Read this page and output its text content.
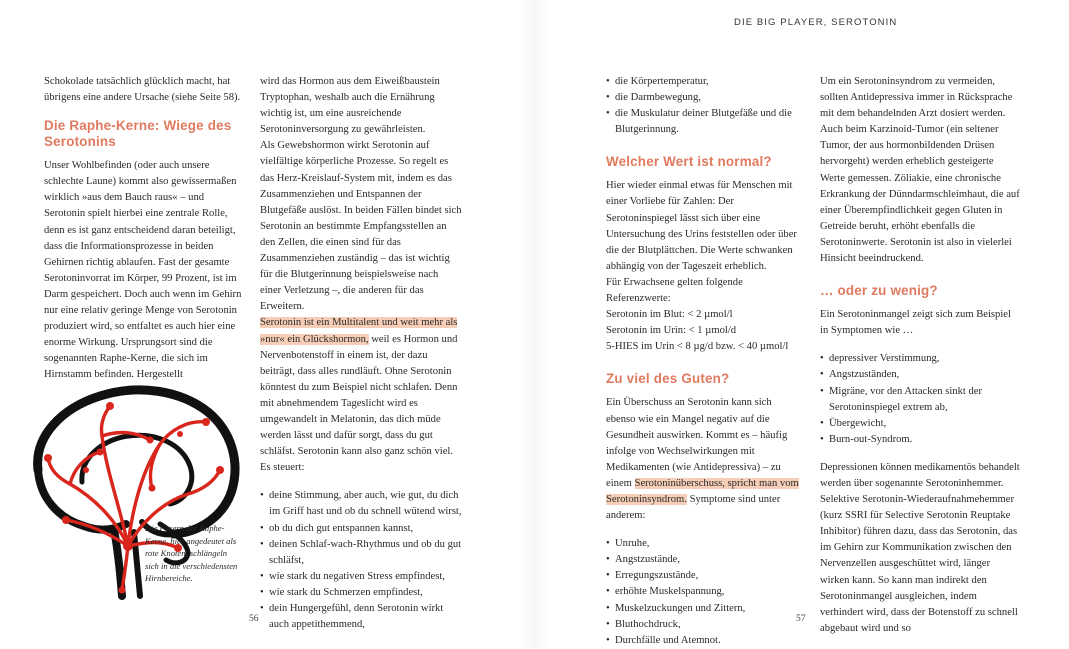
DIE BIG PLAYER, SEROTONIN

Schokolade tatsächlich glücklich macht, hat übrigens eine andere Ursache (siehe Seite 58).

Die Raphe-Kerne: Wiege des Serotonins

Unser Wohlbefinden (oder auch unsere schlechte Laune) kommt also gewissermaßen wirklich »aus dem Bauch raus« – und Serotonin spielt hierbei eine zentrale Rolle, denn es ist ganz entscheidend daran beteiligt, dass die Informationsprozesse in beiden Gehirnen richtig ablaufen. Fast der gesamte Serotoninvorrat im Körper, 99 Prozent, ist im Darm gespeichert. Doch auch wenn im Gehirn nur eine relativ geringe Menge von Serotonin produziert wird, so entfaltet es auch hier eine enorme Wirkung. Ursprungsort sind die sogenannten Raphe-Kerne, die sich im Hirnstamm befinden. Hergestellt

Die Fasern der Raphe-Kerne, hier angedeutet als rote Knoten, schlängeln sich in die verschiedensten Hirnbereiche.

wird das Hormon aus dem Eiweißbaustein Tryptophan, weshalb auch die Ernährung wichtig ist, um eine ausreichende Serotoninversorgung zu gewährleisten.

Als Gewebshormon wirkt Serotonin auf vielfältige körperliche Prozesse. So regelt es das Herz-Kreislauf-System mit, indem es das Zusammenziehen und Entspannen der Blutgefäße auslöst. In beiden Fällen bindet sich Serotonin an bestimmte Empfangsstellen an den Zellen, die einen sind für das Zusammenziehen zuständig – das ist wichtig für die Blutgerinnung beispielsweise nach einer Verletzung –, die anderen für das Erweitern.

Serotonin ist ein Multitalent und weit mehr als »nur« ein Glückshormon, weil es Hormon und Nervenbotenstoff in einem ist, der dazu beiträgt, dass alles rundläuft. Ohne Serotonin könntest du zum Beispiel nicht schlafen. Denn mit abnehmendem Tageslicht wird es umgewandelt in Melatonin, das dich müde werden lässt und dafür sorgt, dass du gut schläfst. Serotonin kann also ganz schön viel. Es steuert:

• deine Stimmung, aber auch, wie gut, du dich im Griff hast und ob du schnell wütend wirst,
• ob du dich gut entspannen kannst,
• deinen Schlaf-wach-Rhythmus und ob du gut schläfst,
• wie stark du negativen Stress empfindest,
• wie stark du Schmerzen empfindest,
• dein Hungergefühl, denn Serotonin wirkt auch appetithemmend,
• die Körpertemperatur,
• die Darmbewegung,
• die Muskulatur deiner Blutgefäße und die Blutgerinnung.
Welcher Wert ist normal?

Hier wieder einmal etwas für Menschen mit einer Vorliebe für Zahlen: Der Serotoninspiegel lässt sich über eine Untersuchung des Urins feststellen oder über die der Blutplättchen. Die Werte schwanken abhängig von der Tageszeit erheblich.

Für Erwachsene gelten folgende Referenzwerte:

Serotonin im Blut: < 2 µmol/l

Serotonin im Urin: < 1 µmol/d

5-HIES im Urin < 8 µg/d bzw. < 40 µmol/l

Zu viel des Guten?

Ein Überschuss an Serotonin kann sich ebenso wie ein Mangel negativ auf die Gesundheit auswirken. Kommt es – häufig infolge von Wechselwirkungen mit Medikamenten (wie Antidepressiva) – zu einem Serotoninüberschuss, spricht man vom Serotoninsyndrom. Symptome sind unter anderem:

• Unruhe,
• Angstzustände,
• Erregungszustände,
• erhöhte Muskelspannung,
• Muskelzuckungen und Zittern,
• Bluthochdruck,
• Durchfälle und Atemnot.

Um ein Serotoninsyndrom zu vermeiden, sollten Antidepressiva immer in Rücksprache mit dem behandelnden Arzt dosiert werden. Auch beim Karzinoid-Tumor (ein seltener Tumor, der aus hormonbildenden Drüsen hervorgeht) werden erheblich gesteigerte Werte gemessen. Zöliakie, eine chronische Erkrankung der Dünndarmschleimhaut, die auf einer Überempfindlichkeit gegen Gluten in Getreide beruht, erhöht ebenfalls die Serotoninwerte. Serotonin ist also in vielerlei Hinsicht beeindruckend.

… oder zu wenig?

Ein Serotoninmangel zeigt sich zum Beispiel in Symptomen wie …

• depressiver Verstimmung,
• Angstzuständen,
• Migräne, vor den Attacken sinkt der Serotoninspiegel extrem ab,
• Übergewicht,
• Burn-out-Syndrom.

Depressionen können medikamentös behandelt werden über sogenannte Serotoninhemmer. Selektive Serotonin-Wiederaufnahmehemmer (kurz SSRI für Selective Serotonin Reuptake Inhibitor) führen dazu, dass das Serotonin, das im Gehirn zur Kommunikation zwischen den Nervenzellen ausgeschüttet wird, länger wirken kann. So kann man indirekt den Serotoninmangel ausgleichen, indem verhindert wird, dass der Botenstoff zu schnell abgebaut wird und so

56	57
